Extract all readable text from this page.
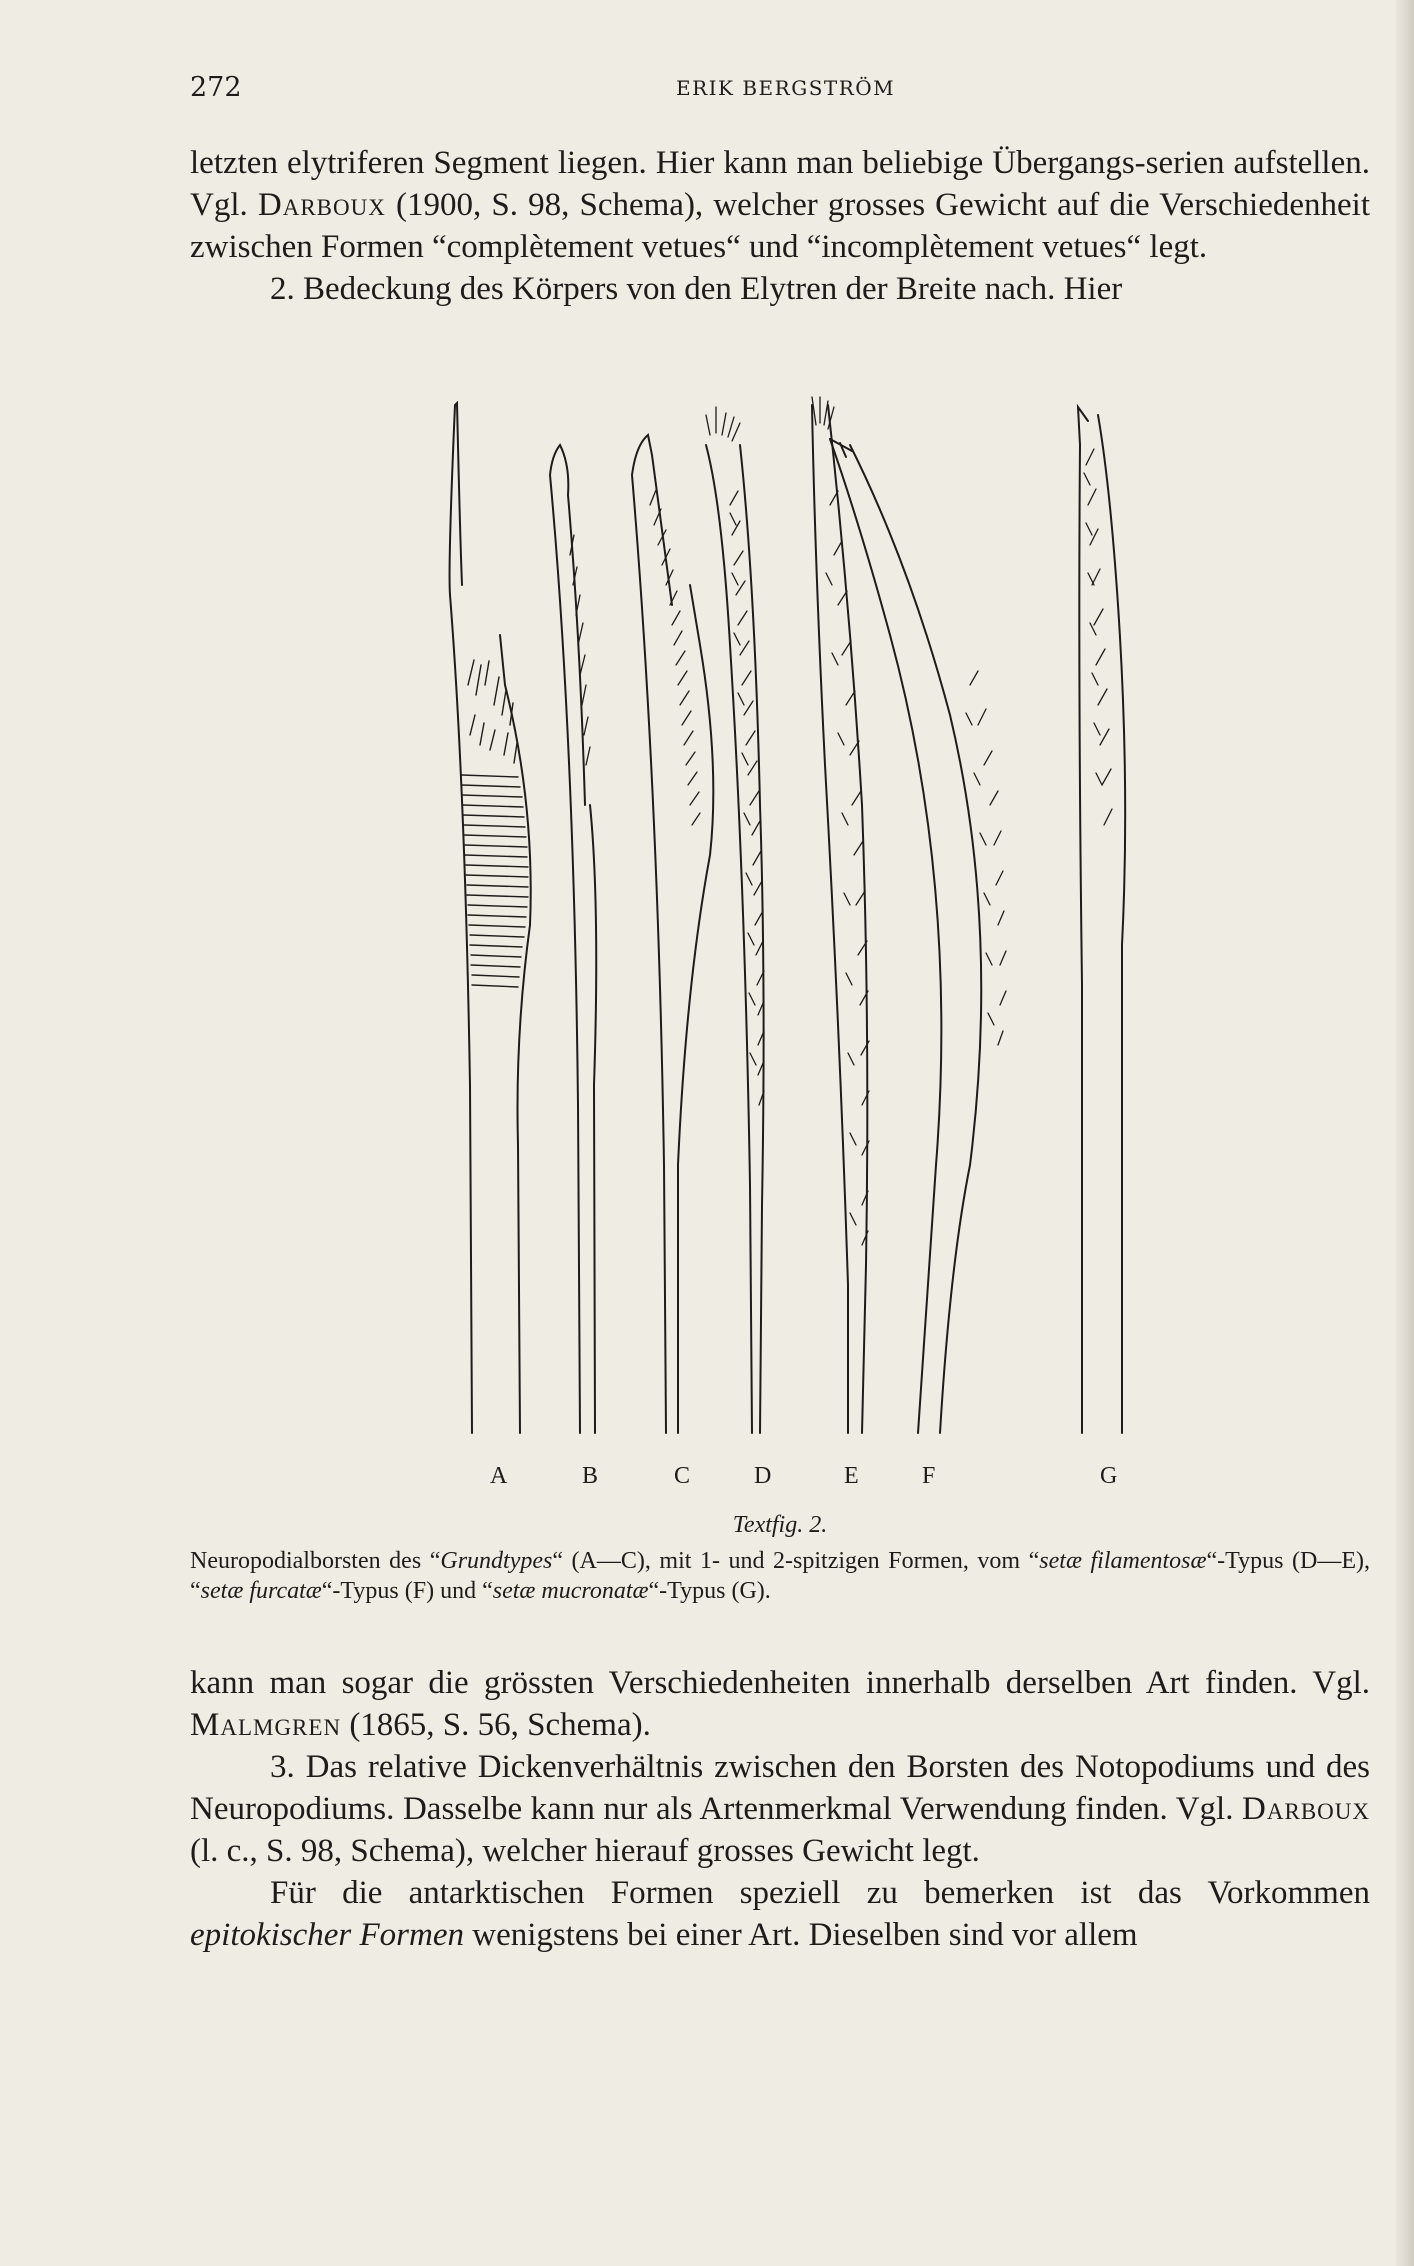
272	ERIK BERGSTRÖM

letzten elytriferen Segment liegen. Hier kann man beliebige Übergangs-serien aufstellen. Vgl. Darboux (1900, S. 98, Schema), welcher grosses Gewicht auf die Verschiedenheit zwischen Formen “complètement vetues“ und “incomplètement vetues“ legt.

2. Bedeckung des Körpers von den Elytren der Breite nach. Hier

A	B	C	D	E	F	G
Textfig. 2.
Neuropodialborsten des “Grundtypes“ (A—C), mit 1- und 2-spitzigen Formen, vom “setæ filamentosæ“-Typus (D—E), “setæ furcatæ“-Typus (F) und “setæ mucronatæ“-Typus (G).

kann man sogar die grössten Verschiedenheiten innerhalb derselben Art finden. Vgl. Malmgren (1865, S. 56, Schema).

3. Das relative Dickenverhältnis zwischen den Borsten des Notopodiums und des Neuropodiums. Dasselbe kann nur als Artenmerkmal Verwendung finden. Vgl. Darboux (l. c., S. 98, Schema), welcher hierauf grosses Gewicht legt.

Für die antarktischen Formen speziell zu bemerken ist das Vorkommen epitokischer Formen wenigstens bei einer Art. Dieselben sind vor allem
